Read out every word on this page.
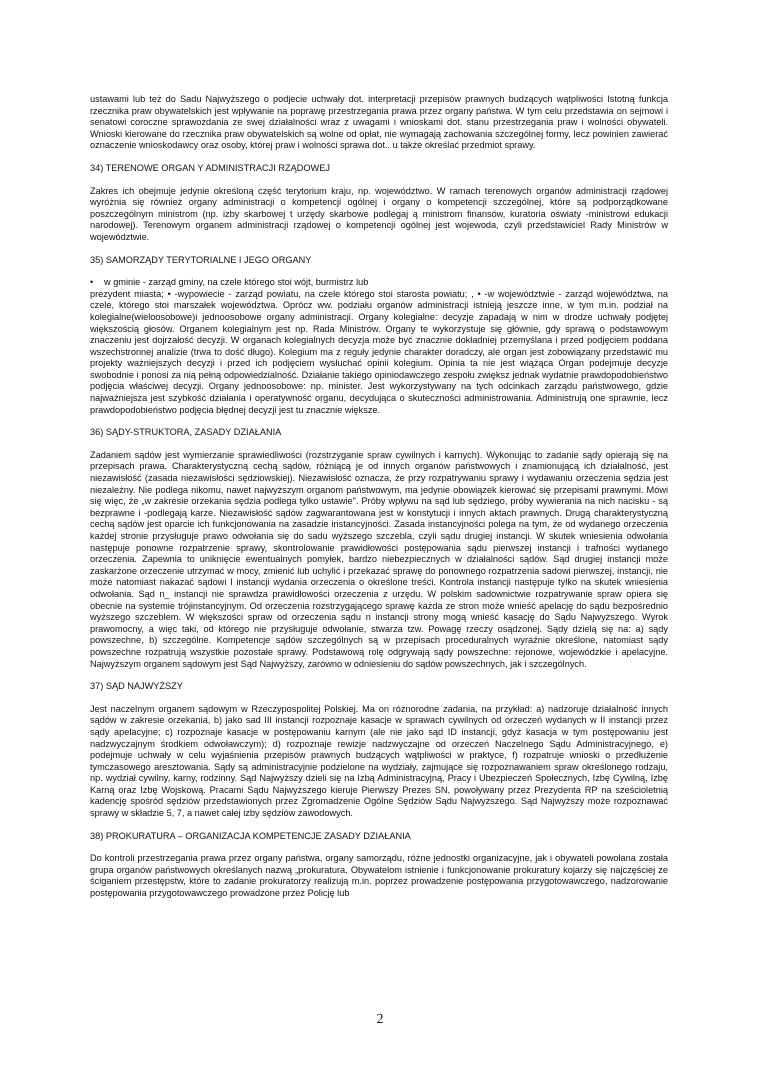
ustawami lub też do Sadu Najwyższego o podjecie uchwały dot. interpretacji przepisów prawnych budzących wątpliwości Istotną funkcja rzecznika praw obywatelskich jest wpływanie na poprawę przestrzegania prawa przez organy państwa. W tym celu przedstawia on sejmowi i senatowi coroczne sprawozdania ze swej działalności wraz z uwagami i wnioskami dot. stanu przestrzegania praw i wolności obywateli. Wnioski kierowane do rzecznika praw obywatelskich są wolne od opłat, nie wymagają zachowania szczególnej formy, lecz powinien zawierać oznaczenie wnioskodawcy oraz osoby, której praw i wolności sprawa dot.. u także określać przedmiot sprawy.

34) TERENOWE ORGAN Y ADMINISTRACJI RZĄDOWEJ

Zakres ich obejmuje jedynie określoną część terytorium kraju, np. województwo. W ramach terenowych organów administracji rządowej wyróżnia się również organy administracji o kompetencji ogólnej i organy o kompetencji szczególnej, które są podporządkowane poszczególnym ministrom (np. izby skarbowej t urzędy skarbowe podlegaj ą ministrom finansów, kuratoria oświaty -ministrowi edukacji narodowej). Terenowym organem administracji rządowej o kompetencji ogólnej jest wojewoda, czyli przedstawiciel Rady Ministrów w województwie.

35) SAMORZĄDY TERYTORIALNE I JEGO ORGANY

•	w gminie - zarząd gminy, na czele którego stoi wójt, burmistrz lub

prezydent miasta; • -wypowiecie - zarząd powiatu, na czele którego stoi starosta powiatu; , • -w województwie - zarząd województwa, na czele, którego stoi marszałek województwa. Oprócz ww. podziału organów administracji istnieją jeszcze inne, w tym m.in. podział na kolegialne(wieloosobowe)i jednoosobowe organy administracji. Organy kolegialne: decyzje zapadają w nim w drodze uchwały podjętej większością głosów. Organem kolegialnym jest np. Rada Ministrów. Organy te wykorzystuje się głównie, gdy sprawą o podstawowym znaczeniu jest dojrzałość decyzji. W organach kolegialnych decyzja może być znacznie dokładniej przemyślana i przed podjęciem poddana wszechstronnej analizie (trwa to dość długo). Kolegium ma z reguły jedynie charakter doradczy, ale organ jest zobowiązany przedstawić mu projekty ważniejszych decyzji i przed ich podjęciem wysłuchać opinii kolegium. Opinia ta nie jest wiążąca Organ podejmuje decyzje swobodnie i ponosi za nią pełną odpowiedzialność. Działanie takiego opiniodawczego zespołu zwiększ jednak wydatnie prawdopodobieństwo podjęcia właściwej decyzji. Organy jednoosobowe: np. minister. Jest wykorzystywany na tych odcinkach zarządu państwowego, gdzie najważniejsza jest szybkość działania i operatywność organu, decydująca o skuteczności administrowania. Administrują one sprawnie, lecz prawdopodobieństwo podjęcia błędnej decyzji jest tu znacznie większe.

36) SĄDY-STRUKTORA, ZASADY DZIAŁANIA

Zadaniem sądów jest wymierzanie sprawiedliwości (rozstrzyganie spraw cywilnych i karnych). Wykonując to zadanie sądy opierają się na przepisach prawa. Charakterystyczną cechą sądów, różniącą je od innych organów państwowych i znamionującą ich działalność, jest niezawisłość (zasada niezawisłości sędziowskiej). Niezawisłość oznacza, że przy rozpatrywaniu sprawy i wydawaniu orzeczenia sędzia jest niezależny. Nie podlega nikomu, nawet najwyższym organom państwowym, ma jedynie obowiązek kierować się przepisami prawnymi. Mówi się więc, że „w zakresie orzekania sędzia podlega tylko ustawie". Próby wpływu na sąd lub sędziego, próby wywierania na nich nacisku - są bezprawne i -podlegają karze. Niezawisłość sądów zagwarantowana jest w konstytucji i innych aktach prawnych. Drugą charakterystyczną cechą sądów jest oparcie ich funkcjonowania na zasadzie instancyjności. Zasada instancyjności polega na tym, że od wydanego orzeczenia każdej stronie przysługuje prawo odwołania się do sadu wyższego szczebla, czyli sądu drugiej instancji. W skutek wniesienia odwołania następuje ponowne rozpatrzenie sprawy, skontrolowanie prawidłowości postępowania sądu pierwszej instancji i trafności wydanego orzeczenia. Zapewnia to uniknięcie ewentualnych pomyłek, bardzo niebezpiecznych w działalności sądów. Sąd drugiej instancji może zaskarżone orzeczenie utrzymać w mocy, zmienić lub uchylić i przekazać sprawę do ponownego rozpatrzenia sadowi pierwszej, instancji, nie może natomiast nakazać sądowi I instancji wydania orzeczenia o określone treści. Kontrola instancji następuje tylko na skutek wniesienia odwołania. Sąd n_ instancji nie sprawdza prawidłowości orzeczenia z urzędu. W polskim sadownictwie rozpatrywanie spraw opiera się obecnie na systemie trójinstancyjnym. Od orzeczenia rozstrzygającego sprawę każda ze stron może wnieść apelację do sądu bezpośrednio wyższego szczeblem. W większości spraw od orzeczenia sądu n instancji strony mogą wnieść kasację do Sądu Najwyższego. Wyrok prawomocny, a więc taki, od którego nie przysługuje odwołanie, stwarza tzw. Powagę rzeczy osądzonej. Sądy dzielą się na: a) sądy powszechne, b) szczególne. Kompetencje sądów szczególnych są w przepisach proceduralnych wyraźnie określone, natomiast sądy powszechne rozpatrują wszystkie pozostałe sprawy. Podstawową rolę odgrywają sądy powszechne: rejonowe, wojewódzkie i apelacyjne. Najwyższym organem sądowym jest Sąd Najwyższy, zarówno w odniesieniu do sądów powszechnych, jak i szczególnych.

37) SĄD NAJWYŻSZY

Jest naczelnym organem sądowym w Rzeczypospolitej Polskiej. Ma on różnorodne zadania, na przykład: a) nadzoruje działalność innych sądów w zakresie orzekania, b) jako sad III instancji rozpoznaje kasacje w sprawach cywilnych od orzeczeń wydanych w II instancji przez sądy apelacyjne; c) rozpoznaje kasacje w postępowaniu karnym (ale nie jako sąd ID instancji, gdyż kasacja w tym postępowaniu jest nadzwyczajnym środkiem odwoławczym); d) rozpoznaje rewizje nadzwyczajne od orzeczeń Naczelnego Sądu Administracyjnego, e) podejmuje uchwały w celu wyjaśnienia przepisów prawnych budzących wątpliwości w praktyce, f) rozpatruje wnioski o przedłużenie tymczasowego aresztowania. Sądy są administracyjnie podzielone na wydziały, zajmujące się rozpoznawaniem spraw określonego rodzaju, np. wydział cywilny, karny, rodzinny. Sąd Najwyższy dzieli się na Izbą Administracyjną, Pracy i Ubezpieczeń Społecznych, Izbę Cywilną, Izbę Karną oraz Izbę Wojskową. Pracami Sądu Najwyższego kieruje Pierwszy Prezes SN, powoływany przez Prezydenta RP na sześcioletnią kadencję spośród sędziów przedstawionych przez Zgromadzenie Ogólne Sędziów Sądu Najwyższego. Sąd Najwyższy może rozpoznawać sprawy w składzie 5, 7, a nawet całej izby sędziów zawodowych.

38) PROKURATURA – ORGANIZACJA KOMPETENCJE ZASADY DZIAŁANIA

Do kontroli przestrzegania prawa przez organy państwa, organy samorządu, różne jednostki organizacyjne, jak i obywateli powołana została grupa organów państwowych określanych nazwą „prokuratura. Obywatelom istnienie i funkcjonowanie prokuratury kojarzy się najczęściej ze ściganiem przestępstw, które to zadanie prokuratorzy realizują m.in. poprzez prowadzenie postępowania przygotowawczego, nadzorowanie postępowania przygotowawczego prowadzone przez Policję lub

2
